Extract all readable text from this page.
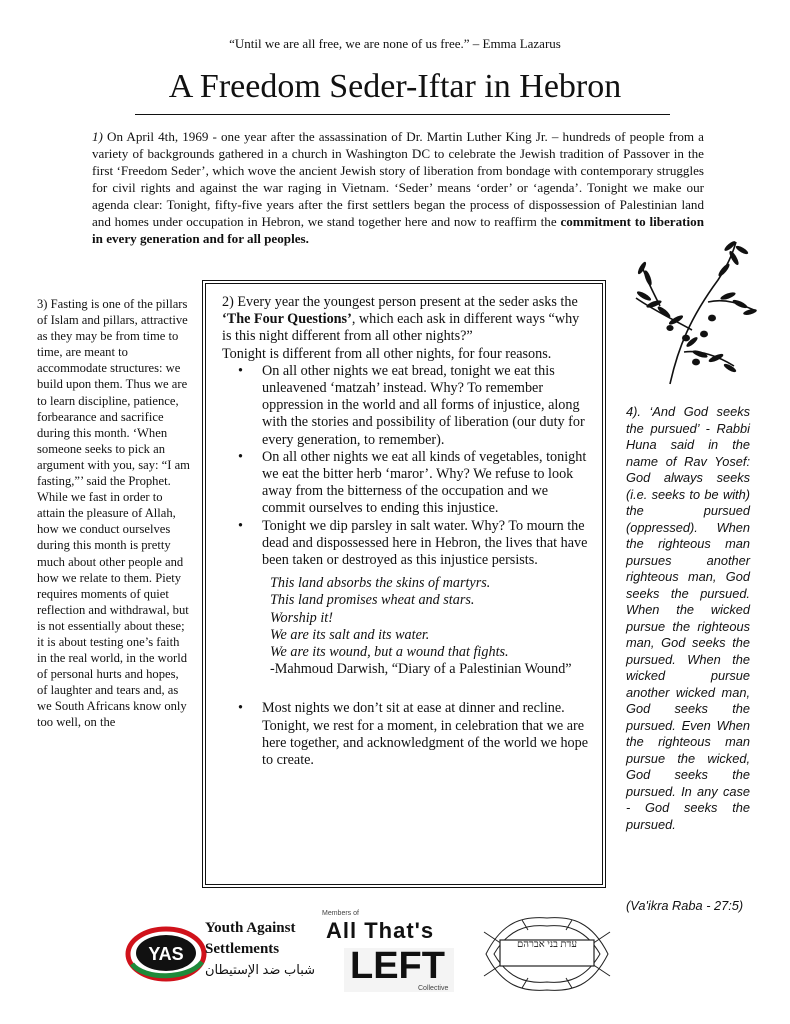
“Until we are all free, we are none of us free.” – Emma Lazarus
A Freedom Seder-Iftar in Hebron

1) On April 4th, 1969 - one year after the assassination of Dr. Martin Luther King Jr. – hundreds of people from a variety of backgrounds gathered in a church in Washington DC to celebrate the Jewish tradition of Passover in the first ‘Freedom Seder’, which wove the ancient Jewish story of liberation from bondage with contemporary struggles for civil rights and against the war raging in Vietnam. ‘Seder’ means ‘order’ or ‘agenda’. Tonight we make our agenda clear: Tonight, fifty-five years after the first settlers began the process of dispossession of Palestinian land and homes under occupation in Hebron, we stand together here and now to reaffirm the commitment to liberation in every generation and for all peoples.

3) Fasting is one of the pillars of Islam and pillars, attractive as they may be from time to time, are meant to accommodate structures: we build upon them. Thus we are to learn discipline, patience, forbearance and sacrifice during this month. ‘When someone seeks to pick an argument with you, say: “I am fasting,”’ said the Prophet. While we fast in order to attain the pleasure of Allah, how we conduct ourselves during this month is pretty much about other people and how we relate to them. Piety requires moments of quiet reflection and withdrawal, but is not essentially about these; it is about testing one’s faith in the real world, in the world of personal hurts and hopes, of laughter and tears and, as we South Africans know only too well, on the

2) Every year the youngest person present at the seder asks the ‘The Four Questions’, which each ask in different ways “why is this night different from all other nights?”

Tonight is different from all other nights, for four reasons.

• On all other nights we eat bread, tonight we eat this unleavened ‘matzah’ instead. Why? To remember oppression in the world and all forms of injustice, along with the stories and possibility of liberation (our duty for every generation, to remember).
• On all other nights we eat all kinds of vegetables, tonight we eat the bitter herb ‘maror’. Why? We refuse to look away from the bitterness of the occupation and we commit ourselves to ending this injustice.
• Tonight we dip parsley in salt water. Why? To mourn the dead and dispossessed here in Hebron, the lives that have been taken or destroyed as this injustice persists.
This land absorbs the skins of martyrs.
This land promises wheat and stars.
Worship it!
We are its salt and its water.
We are its wound, but a wound that fights.
-Mahmoud Darwish, “Diary of a Palestinian Wound”
• Most nights we don’t sit at ease at dinner and recline. Tonight, we rest for a moment, in celebration that we are here together, and acknowledgment of the world we hope to create.

4). ‘And God seeks the pursued’ - Rabbi Huna said in the name of Rav Yosef: God always seeks (i.e. seeks to be with) the pursued (oppressed). When the righteous man pursues another righteous man, God seeks the pursued. When the wicked pursue the righteous man, God seeks the pursued. When the wicked pursue another wicked man, God seeks the pursued. Even When the righteous man pursue the wicked, God seeks the pursued. In any case - God seeks the pursued.

(Va'ikra Raba - 27:5)

YAS
Youth Against
Settlements
شباب ضد الإستيطان
Members of
All That's
LEFT
Collective
עדת בני אברהם
